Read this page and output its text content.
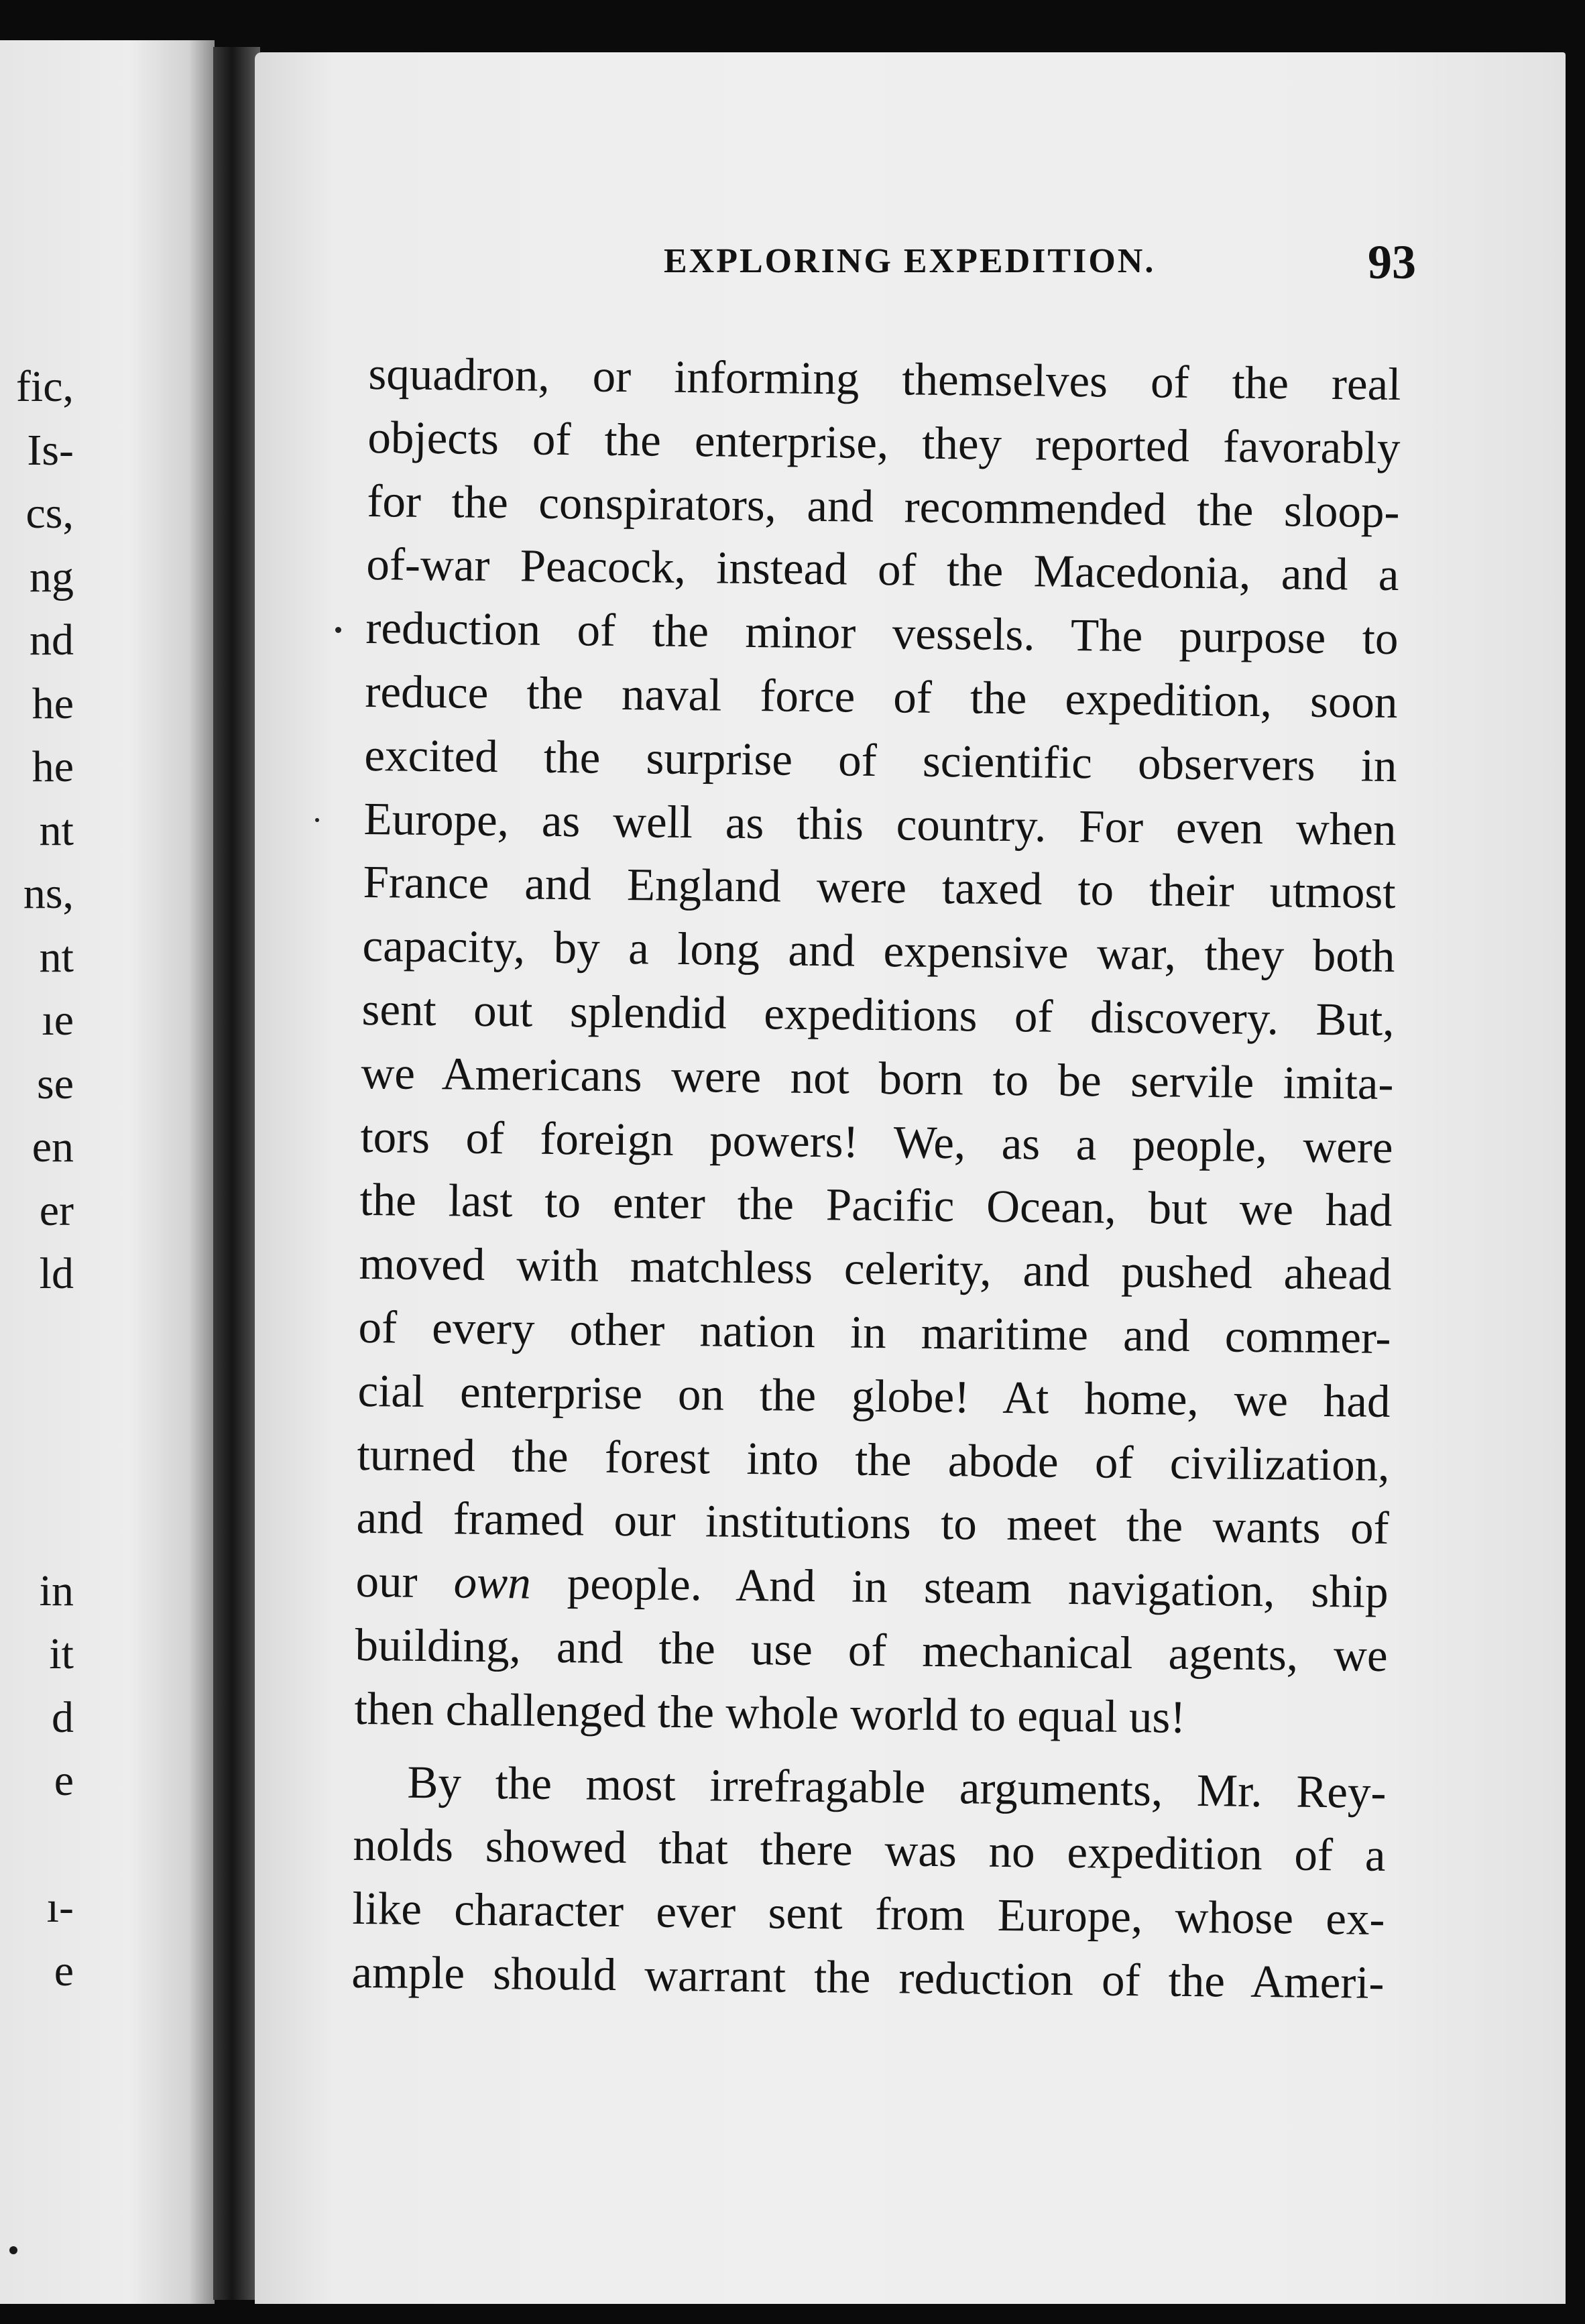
fic,
Is-
cs,
ng
nd
he
he
nt
ns,
nt
ıe
se
en
er
ld
in
it
d
e
ı-
e
EXPLORING EXPEDITION.	93
squadron, or informing themselves of the real
objects of the enterprise, they reported favorably
for the conspirators, and recommended the sloop-
of-war Peacock, instead of the Macedonia, and a
reduction of the minor vessels. The purpose to
reduce the naval force of the expedition, soon
excited the surprise of scientific observers in
Europe, as well as this country. For even when
France and England were taxed to their utmost
capacity, by a long and expensive war, they both
sent out splendid expeditions of discovery. But,
we Americans were not born to be servile imita-
tors of foreign powers! We, as a people, were
the last to enter the Pacific Ocean, but we had
moved with matchless celerity, and pushed ahead
of every other nation in maritime and commer-
cial enterprise on the globe! At home, we had
turned the forest into the abode of civilization,
and framed our institutions to meet the wants of
our own people. And in steam navigation, ship
building, and the use of mechanical agents, we
then challenged the whole world to equal us!
By the most irrefragable arguments, Mr. Rey-
nolds showed that there was no expedition of a
like character ever sent from Europe, whose ex-
ample should warrant the reduction of the Ameri-
